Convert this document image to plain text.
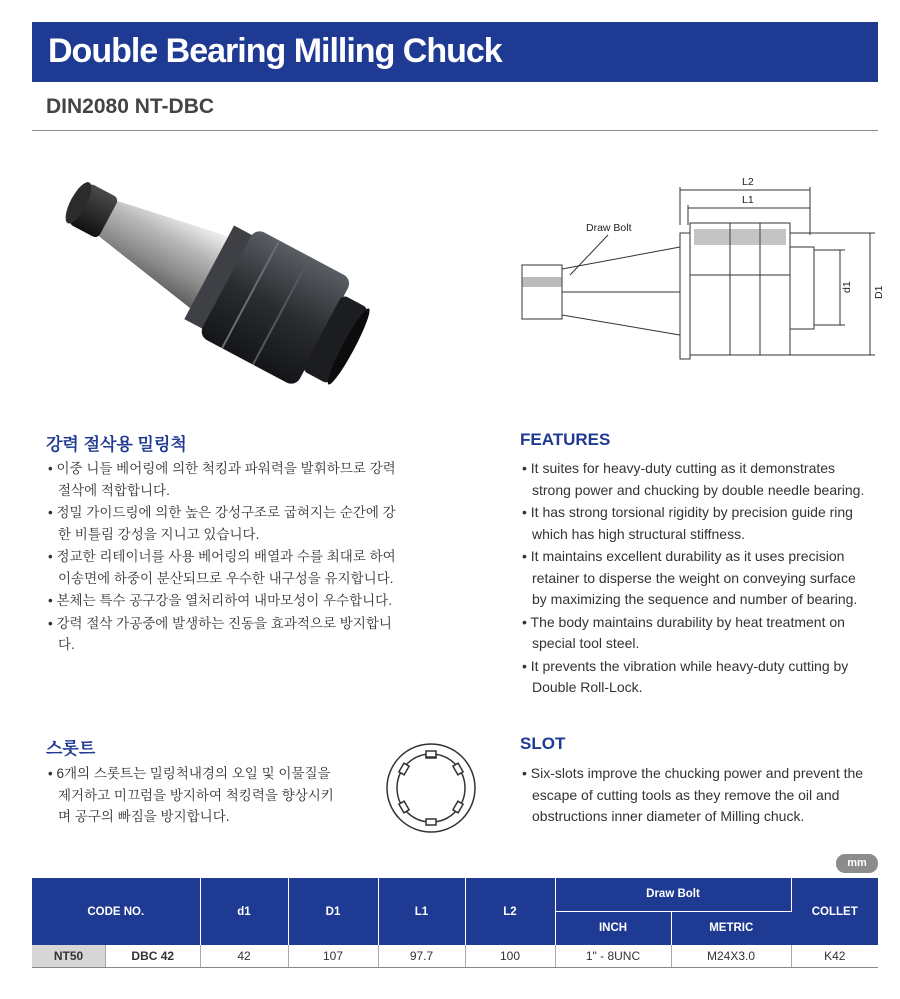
Double Bearing Milling Chuck
DIN2080 NT-DBC
L2
L1
Draw Bolt
d1 D1
강력 절삭용 밀링척
• 이중 니들 베어링에 의한 척킹과 파워력을 발휘하므로 강력 절삭에 적합합니다.
• 정밀 가이드링에 의한 높은 강성구조로 굽혀지는 순간에 강한 비틀림 강성을 지니고 있습니다.
• 정교한 리테이너를 사용 베어링의 배열과 수를 최대로 하여 이송면에 하중이 분산되므로 우수한 내구성을 유지합니다.
• 본체는 특수 공구강을 열처리하여 내마모성이 우수합니다.
• 강력 절삭 가공중에 발생하는 진동을 효과적으로 방지합니다.
FEATURES
• It suites for heavy-duty cutting as it demonstrates strong power and chucking by double needle bearing.
• It has strong torsional rigidity by precision guide ring which has high structural stiffness.
• It maintains excellent durability as it uses precision retainer to disperse the weight on conveying surface by maximizing the sequence and number of bearing.
• The body maintains durability by heat treatment on special tool steel.
• It prevents the vibration while heavy-duty cutting by Double Roll-Lock.
스롯트
• 6개의 스롯트는 밀링척내경의 오일 및 이물질을 제거하고 미끄럼을 방지하여 척킹력을 향상시키며 공구의 빠짐을 방지합니다.
SLOT
• Six-slots improve the chucking power and prevent the escape of cutting tools as they remove the oil and obstructions inner diameter of Milling chuck.
mm
CODE NO.	d1	D1	L1	L2	Draw Bolt		COLLET
					INCH	METRIC	

NT50 DBC 42	42	107	97.7	100	1" - 8UNC	M24X3.0	K42
